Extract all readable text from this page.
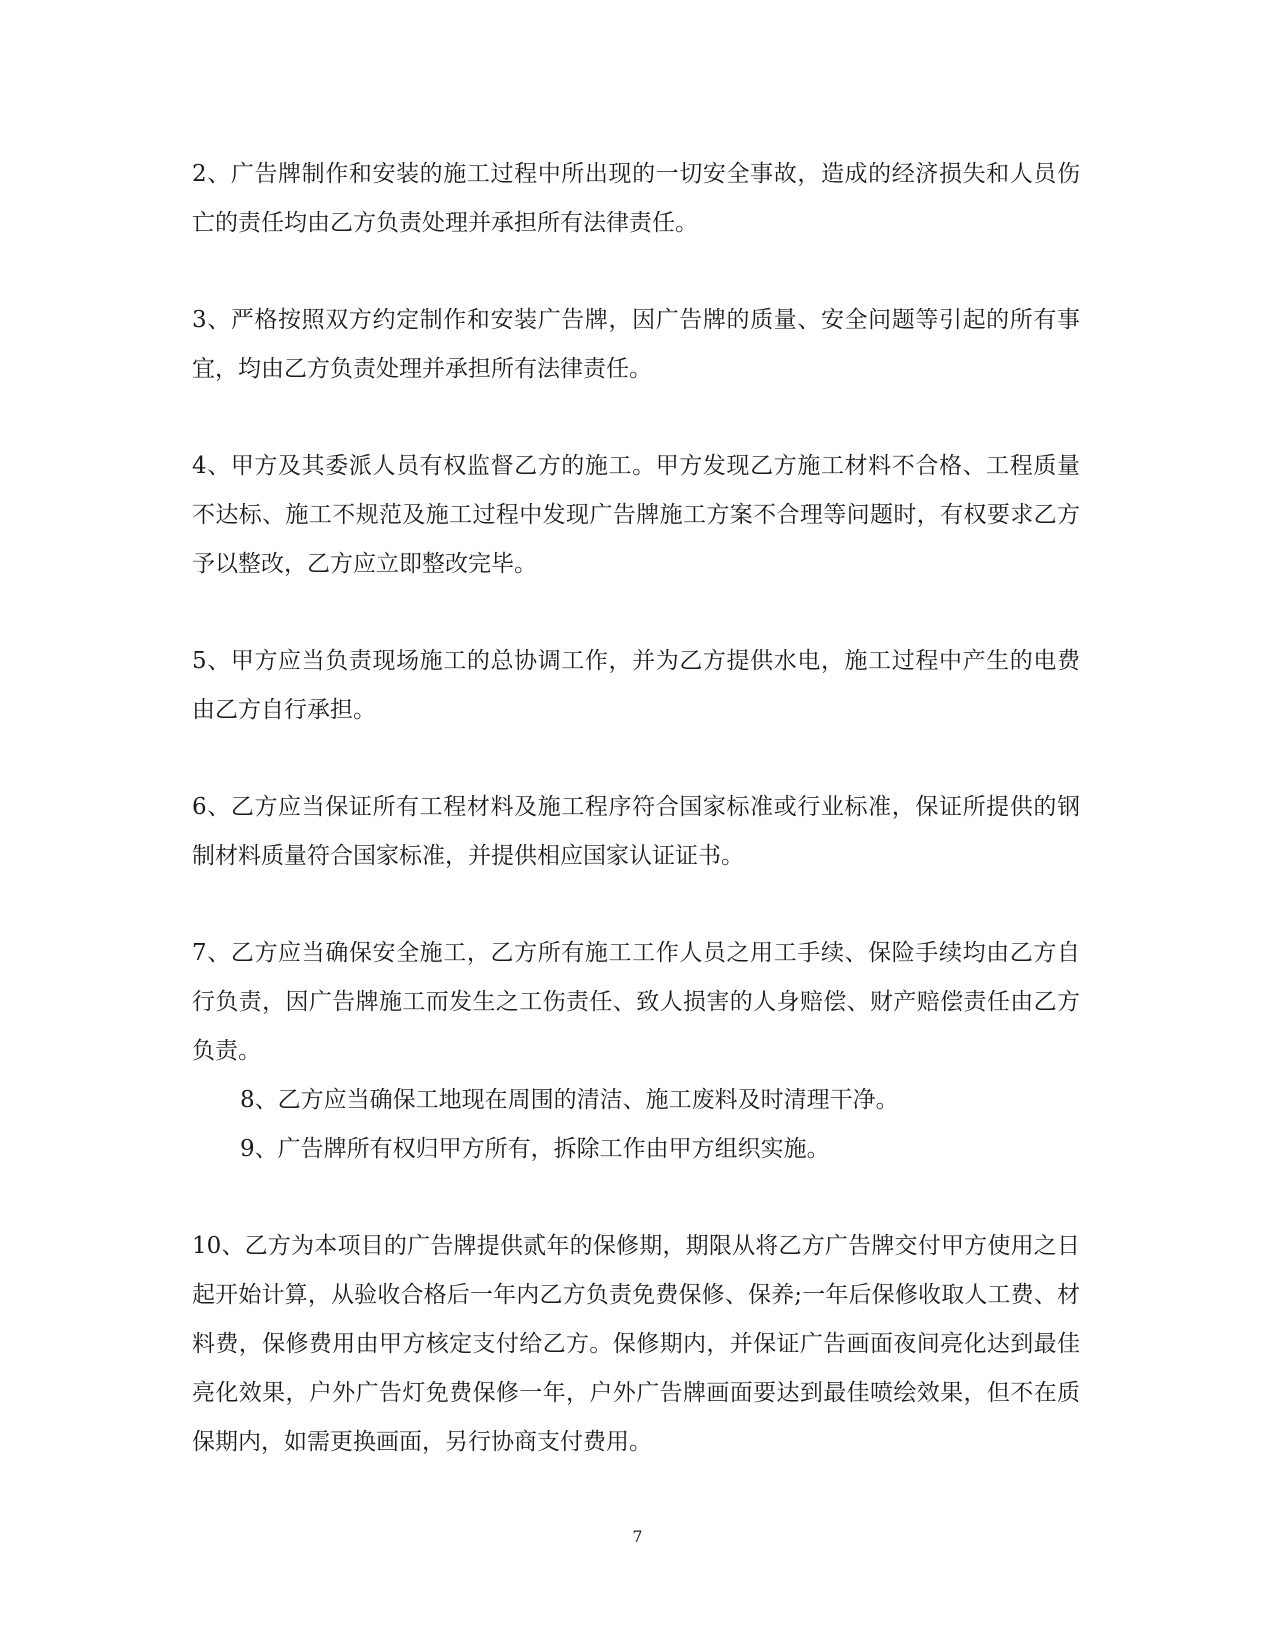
2、广告牌制作和安装的施工过程中所出现的一切安全事故，造成的经济损失和人员伤亡的责任均由乙方负责处理并承担所有法律责任。

3、严格按照双方约定制作和安装广告牌，因广告牌的质量、安全问题等引起的所有事宜，均由乙方负责处理并承担所有法律责任。

4、甲方及其委派人员有权监督乙方的施工。甲方发现乙方施工材料不合格、工程质量不达标、施工不规范及施工过程中发现广告牌施工方案不合理等问题时，有权要求乙方予以整改，乙方应立即整改完毕。

5、甲方应当负责现场施工的总协调工作，并为乙方提供水电，施工过程中产生的电费由乙方自行承担。

6、乙方应当保证所有工程材料及施工程序符合国家标准或行业标准，保证所提供的钢制材料质量符合国家标准，并提供相应国家认证证书。

7、乙方应当确保安全施工，乙方所有施工工作人员之用工手续、保险手续均由乙方自行负责，因广告牌施工而发生之工伤责任、致人损害的人身赔偿、财产赔偿责任由乙方负责。

8、乙方应当确保工地现在周围的清洁、施工废料及时清理干净。

9、广告牌所有权归甲方所有，拆除工作由甲方组织实施。

10、乙方为本项目的广告牌提供贰年的保修期，期限从将乙方广告牌交付甲方使用之日起开始计算，从验收合格后一年内乙方负责免费保修、保养;一年后保修收取人工费、材料费，保修费用由甲方核定支付给乙方。保修期内，并保证广告画面夜间亮化达到最佳亮化效果，户外广告灯免费保修一年，户外广告牌画面要达到最佳喷绘效果，但不在质保期内，如需更换画面，另行协商支付费用。

7
